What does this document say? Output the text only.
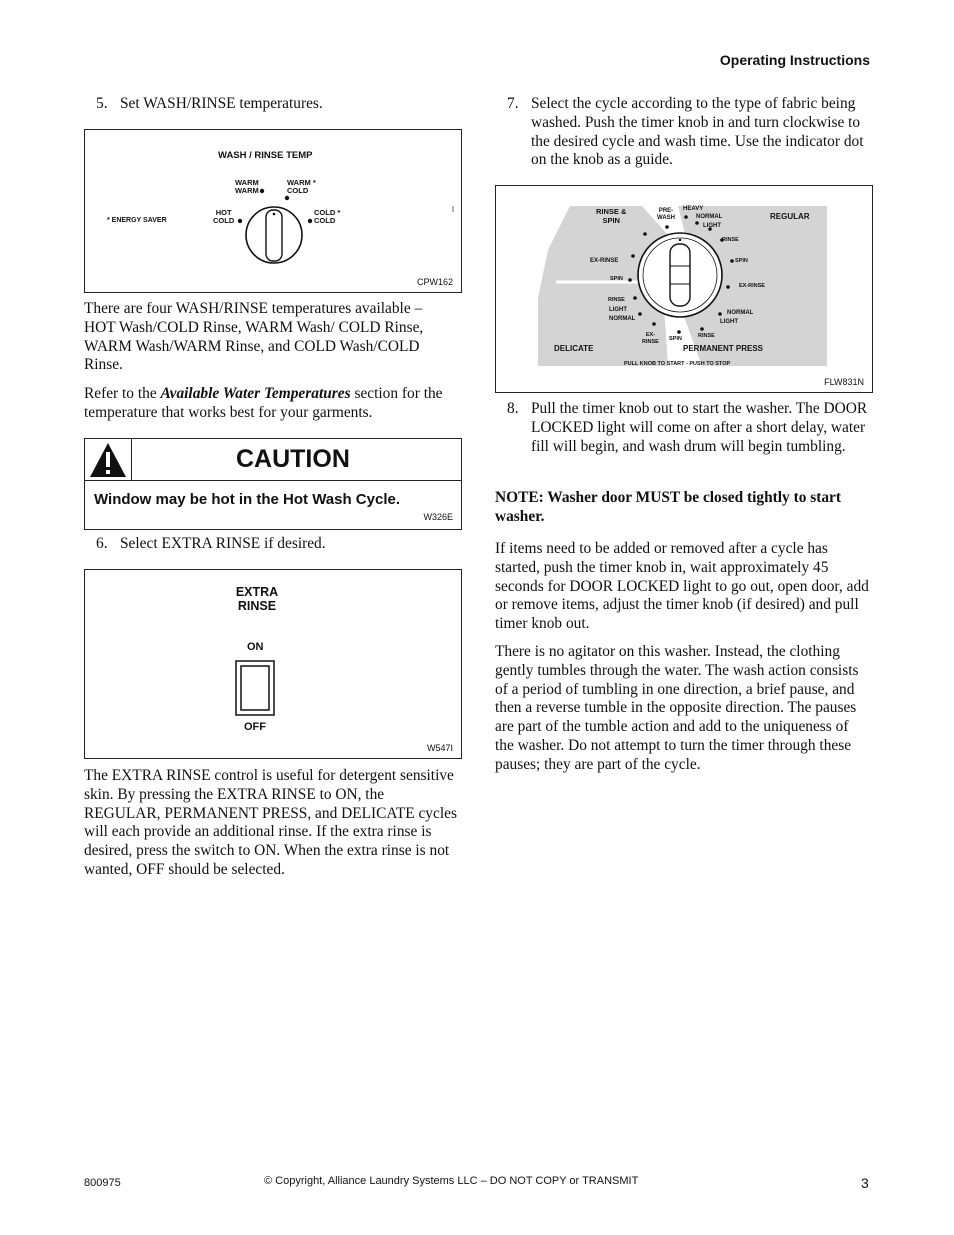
Operating Instructions
5. Set WASH/RINSE temperatures.
WASH / RINSE TEMP
WARM
WARM
WARM *
COLD
HOT
COLD
COLD *
COLD
* ENERGY SAVER
CPW162

There are four WASH/RINSE temperatures available – HOT Wash/COLD Rinse, WARM Wash/ COLD Rinse, WARM Wash/WARM Rinse, and COLD Wash/COLD Rinse.

Refer to the Available Water Temperatures section for the temperature that works best for your garments.

CAUTION
Window may be hot in the Hot Wash Cycle.
W326E
6. Select EXTRA RINSE if desired.
EXTRA
RINSE
ON
OFF
W547I

The EXTRA RINSE control is useful for detergent sensitive skin. By pressing the EXTRA RINSE to ON, the REGULAR, PERMANENT PRESS, and DELICATE cycles will each provide an additional rinse. If the extra rinse is desired, press the switch to ON. When the extra rinse is not wanted, OFF should be selected.

7. Select the cycle according to the type of fabric being washed. Push the timer knob in and turn clockwise to the desired cycle and wash time. Use the indicator dot on the knob as a guide.
RINSE &
SPIN
PRE-
WASH
HEAVY
NORMAL
LIGHT
REGULAR
RINSE
SPIN
EX-RINSE
NORMAL
LIGHT
RINSE
SPIN
EX-
RINSE
EX-RINSE
SPIN
RINSE
LIGHT
NORMAL
DELICATE	PERMANENT PRESS
PULL KNOB TO START - PUSH TO STOP
FLW831N
8. Pull the timer knob out to start the washer. The DOOR LOCKED light will come on after a short delay, water fill will begin, and wash drum will begin tumbling.

NOTE: Washer door MUST be closed tightly to start washer.

If items need to be added or removed after a cycle has started, push the timer knob in, wait approximately 45 seconds for DOOR LOCKED light to go out, open door, add or remove items, adjust the timer knob (if desired) and pull timer knob out.

There is no agitator on this washer. Instead, the clothing gently tumbles through the water. The wash action consists of a period of tumbling in one direction, a brief pause, and then a reverse tumble in the opposite direction. The pauses are part of the tumble action and add to the uniqueness of the washer. Do not attempt to turn the timer through these pauses; they are part of the cycle.

800975	© Copyright, Alliance Laundry Systems LLC – DO NOT COPY or TRANSMIT	3
